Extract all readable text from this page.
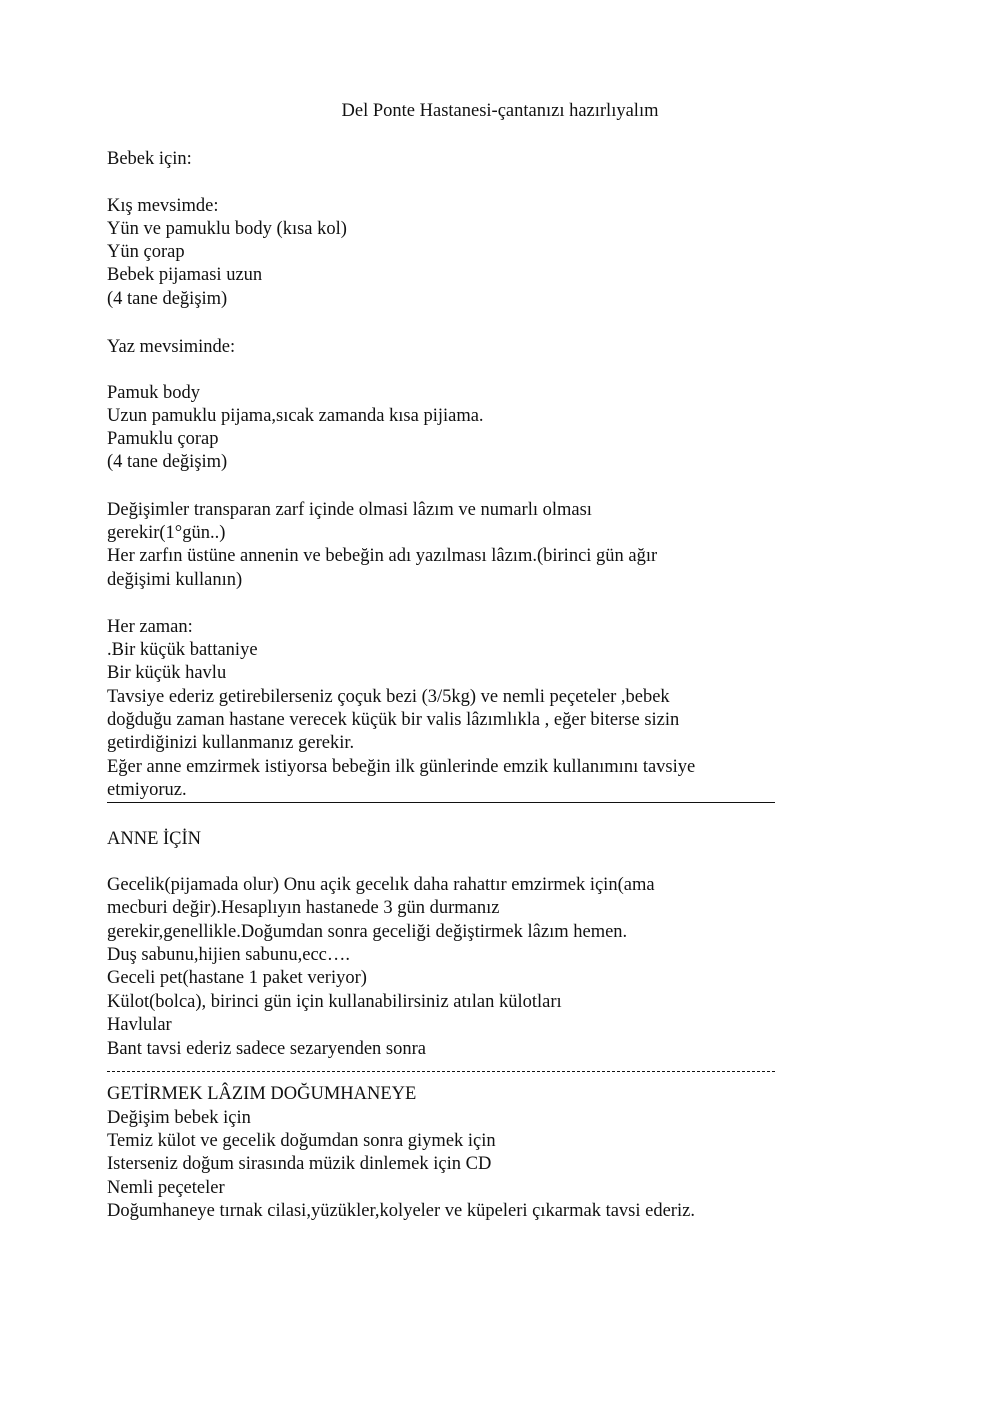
Del Ponte Hastanesi-çantanızı hazırlıyalım
Bebek için:
Kış mevsimde:
Yün ve pamuklu body (kısa kol)
Yün çorap
Bebek pijamasi uzun
(4 tane değişim)
Yaz mevsiminde:
Pamuk body
Uzun pamuklu pijama,sıcak zamanda kısa pijiama.
Pamuklu çorap
(4 tane değişim)
Değişimler transparan zarf içinde olmasi lâzım ve numarlı olması
gerekir(1°gün..)
Her zarfın üstüne annenin ve bebeğin adı yazılması lâzım.(birinci gün ağır
değişimi kullanın)
Her zaman:
.Bir küçük battaniye
Bir küçük havlu
Tavsiye ederiz getirebilerseniz çoçuk bezi (3/5kg) ve nemli peçeteler ,bebek
doğduğu zaman hastane verecek küçük bir valis lâzımlıkla , eğer biterse sizin
getirdiğinizi kullanmanız gerekir.
Eğer anne emzirmek istiyorsa bebeğin ilk günlerinde emzik kullanımını tavsiye
etmiyoruz.
ANNE İÇİN
Gecelik(pijamada olur) Onu açik gecelık daha rahattır emzirmek için(ama
mecburi değir).Hesaplıyın hastanede 3 gün durmanız
gerekir,genellikle.Doğumdan sonra geceliği değiştirmek lâzım hemen.
Duş sabunu,hijien sabunu,ecc….
Geceli pet(hastane 1 paket veriyor)
Külot(bolca), birinci gün için kullanabilirsiniz atılan külotları
Havlular
Bant tavsi ederiz sadece sezaryenden sonra
GETİRMEK LÂZIM DOĞUMHANEYE
Değişim bebek için
Temiz külot ve gecelik doğumdan sonra giymek için
Isterseniz doğum sirasında müzik dinlemek için CD
Nemli peçeteler
Doğumhaneye tırnak cilasi,yüzükler,kolyeler ve küpeleri çıkarmak tavsi ederiz.
